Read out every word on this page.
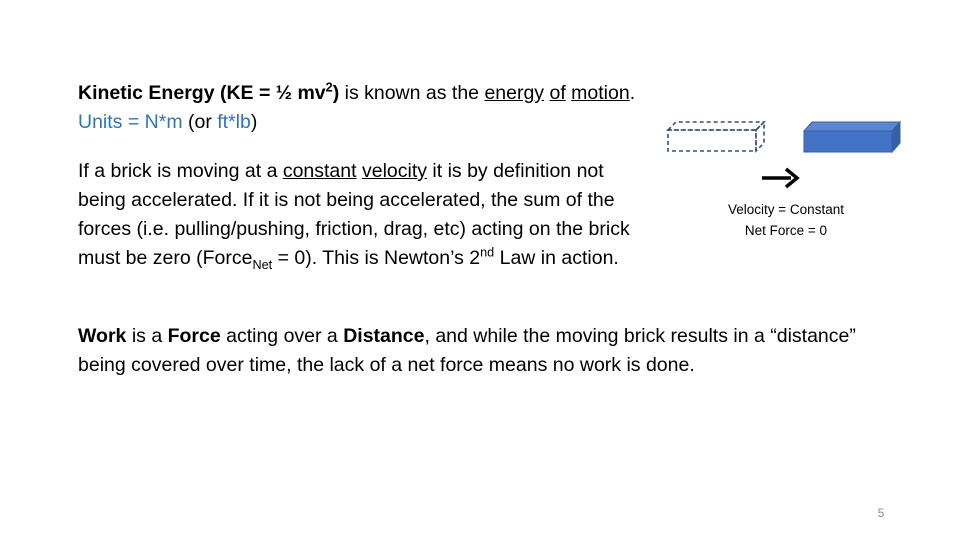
Kinetic Energy (KE = ½ $mv^2$) is known as the energy of motion. Units = N*m (or ft*lb)

If a brick is moving at a constant velocity it is by definition not being accelerated. If it is not being accelerated, the sum of the forces (i.e. pulling/pushing, friction, drag, etc) acting on the brick must be zero (Force$_{Net}$ = 0). This is Newton’s 2nd Law in action.

Work is a Force acting over a Distance, and while the moving brick results in a “distance” being covered over time, the lack of a net force means no work is done.

Velocity = Constant
Net Force = 0
5
